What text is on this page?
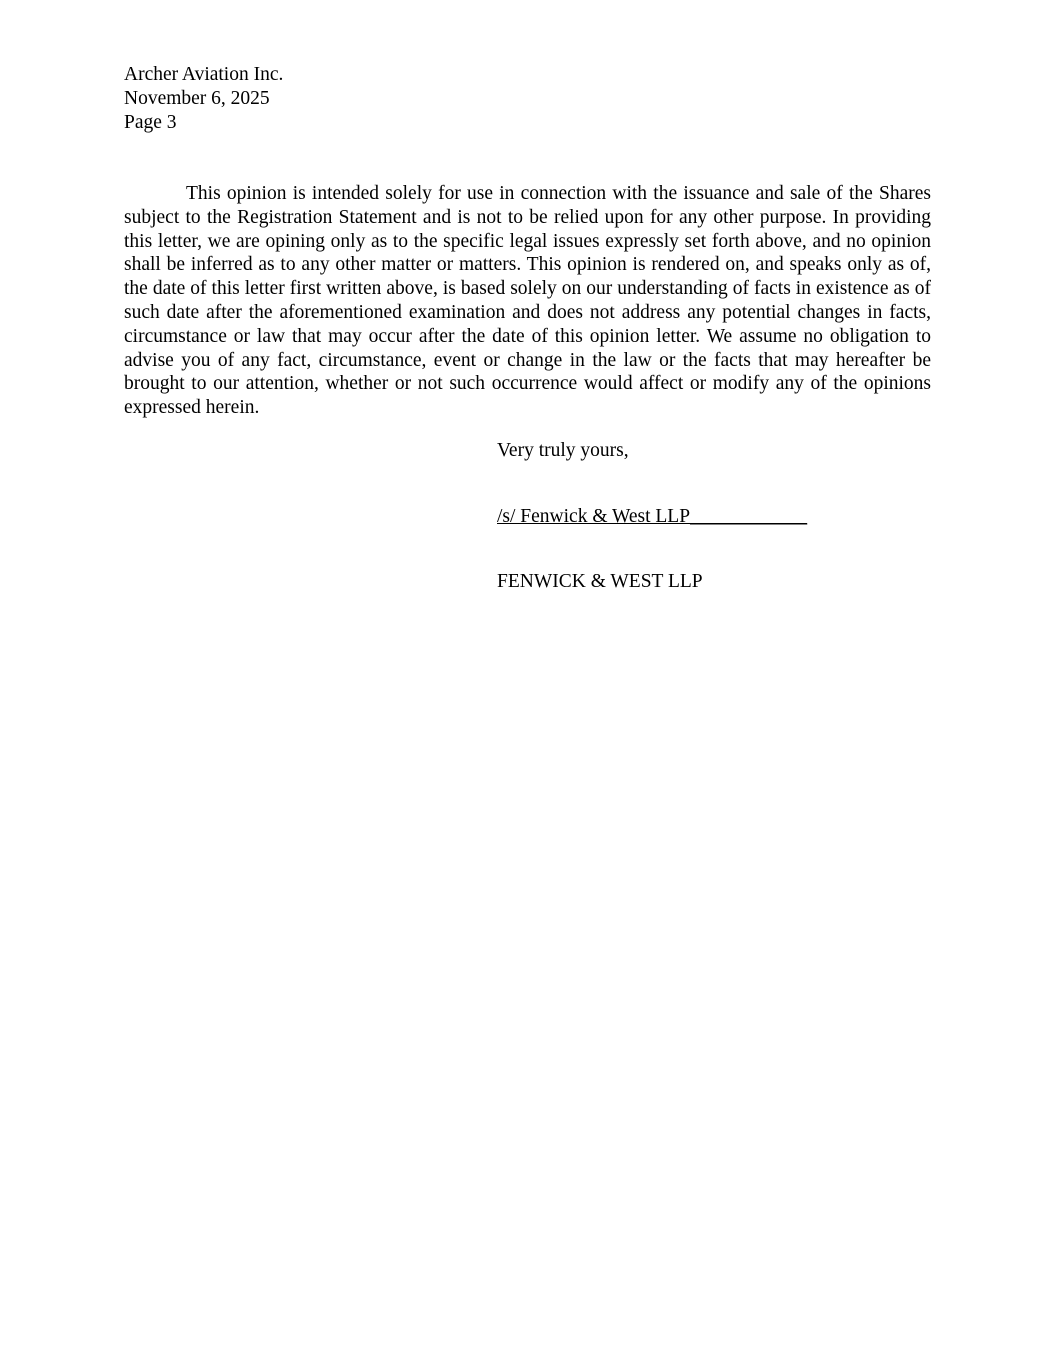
Archer Aviation Inc.
November 6, 2025
Page 3

This opinion is intended solely for use in connection with the issuance and sale of the Shares subject to the Registration Statement and is not to be relied upon for any other purpose. In providing this letter, we are opining only as to the specific legal issues expressly set forth above, and no opinion shall be inferred as to any other matter or matters. This opinion is rendered on, and speaks only as of, the date of this letter first written above, is based solely on our understanding of facts in existence as of such date after the aforementioned examination and does not address any potential changes in facts, circumstance or law that may occur after the date of this opinion letter. We assume no obligation to advise you of any fact, circumstance, event or change in the law or the facts that may hereafter be brought to our attention, whether or not such occurrence would affect or modify any of the opinions expressed herein.

Very truly yours,
/s/ Fenwick & West LLP____________
FENWICK & WEST LLP
